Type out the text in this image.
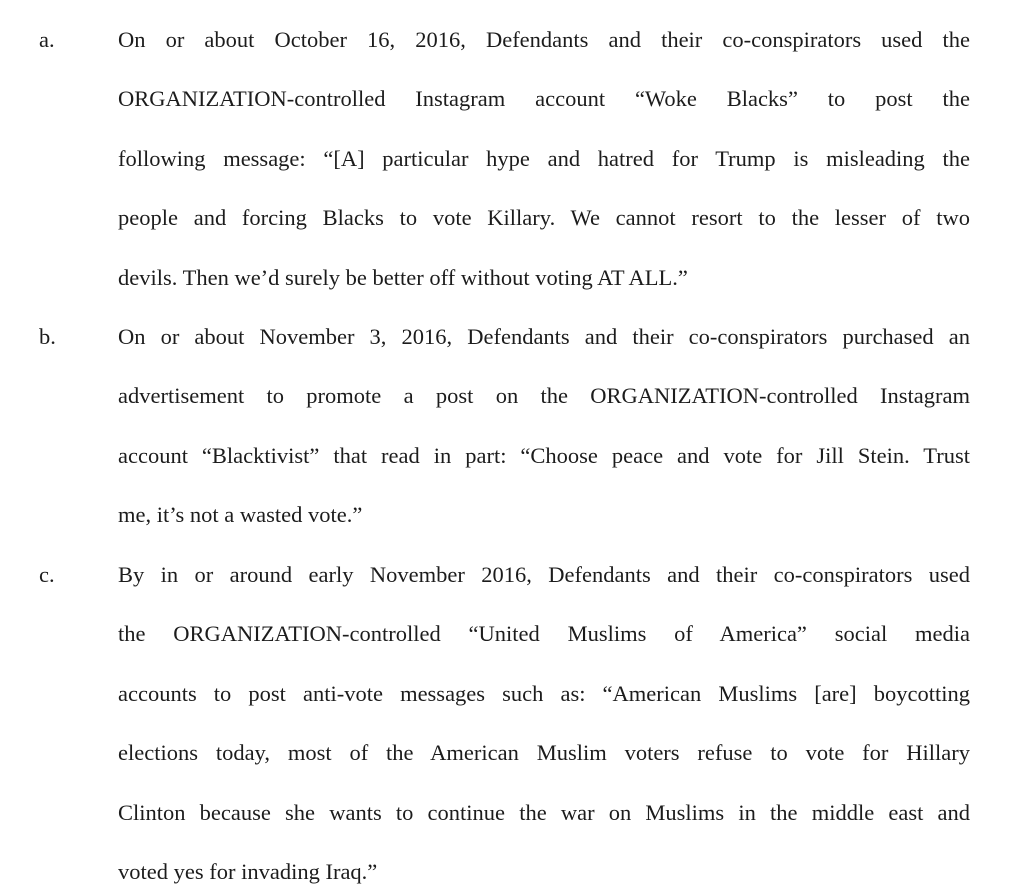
a.	On or about October 16, 2016, Defendants and their co-conspirators used the
ORGANIZATION-controlled Instagram account “Woke Blacks” to post the
following message: “[A] particular hype and hatred for Trump is misleading the
people and forcing Blacks to vote Killary. We cannot resort to the lesser of two
devils. Then we’d surely be better off without voting AT ALL.”
b.	On or about November 3, 2016, Defendants and their co-conspirators purchased an
advertisement to promote a post on the ORGANIZATION-controlled Instagram
account “Blacktivist” that read in part: “Choose peace and vote for Jill Stein. Trust
me, it’s not a wasted vote.”
c.	By in or around early November 2016, Defendants and their co-conspirators used
the ORGANIZATION-controlled “United Muslims of America” social media
accounts to post anti-vote messages such as: “American Muslims [are] boycotting
elections today, most of the American Muslim voters refuse to vote for Hillary
Clinton because she wants to continue the war on Muslims in the middle east and
voted yes for invading Iraq.”
